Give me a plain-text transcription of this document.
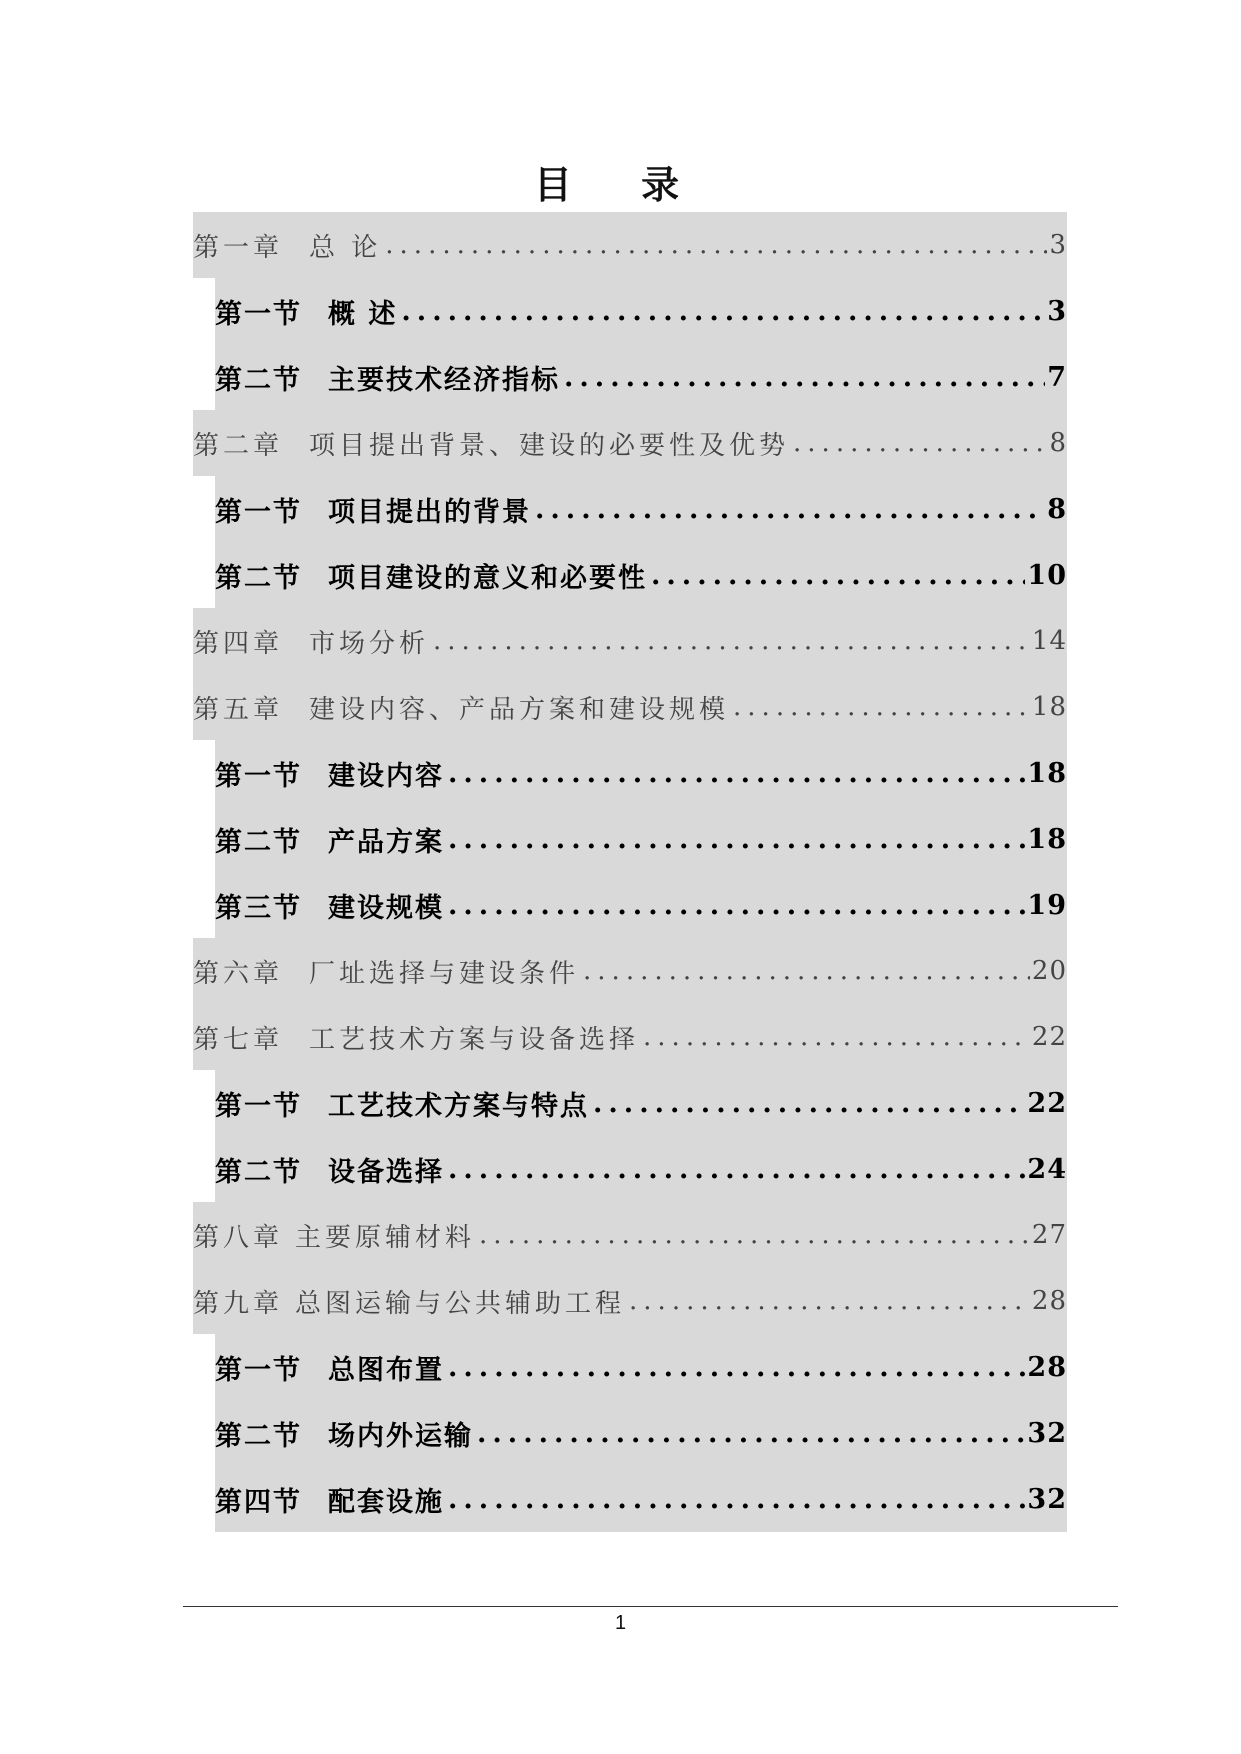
目 录
第一章 总 论 .....	3
第一节 概 述 .....	3
第二节 主要技术经济指标 .....	7
第二章 项目提出背景、建设的必要性及优势 .....	8
第一节 项目提出的背景 .....	8
第二节 项目建设的意义和必要性 .....	10
第四章 市场分析 .....	14
第五章 建设内容、产品方案和建设规模 .....	18
第一节 建设内容 .....	18
第二节 产品方案 .....	18
第三节 建设规模 .....	19
第六章 厂址选择与建设条件 .....	20
第七章 工艺技术方案与设备选择 .....	22
第一节 工艺技术方案与特点 .....	22
第二节 设备选择 .....	24
第八章 主要原辅材料 .....	27
第九章 总图运输与公共辅助工程 .....	28
第一节 总图布置 .....	28
第二节 场内外运输 .....	32
第四节 配套设施 .....	32
1
